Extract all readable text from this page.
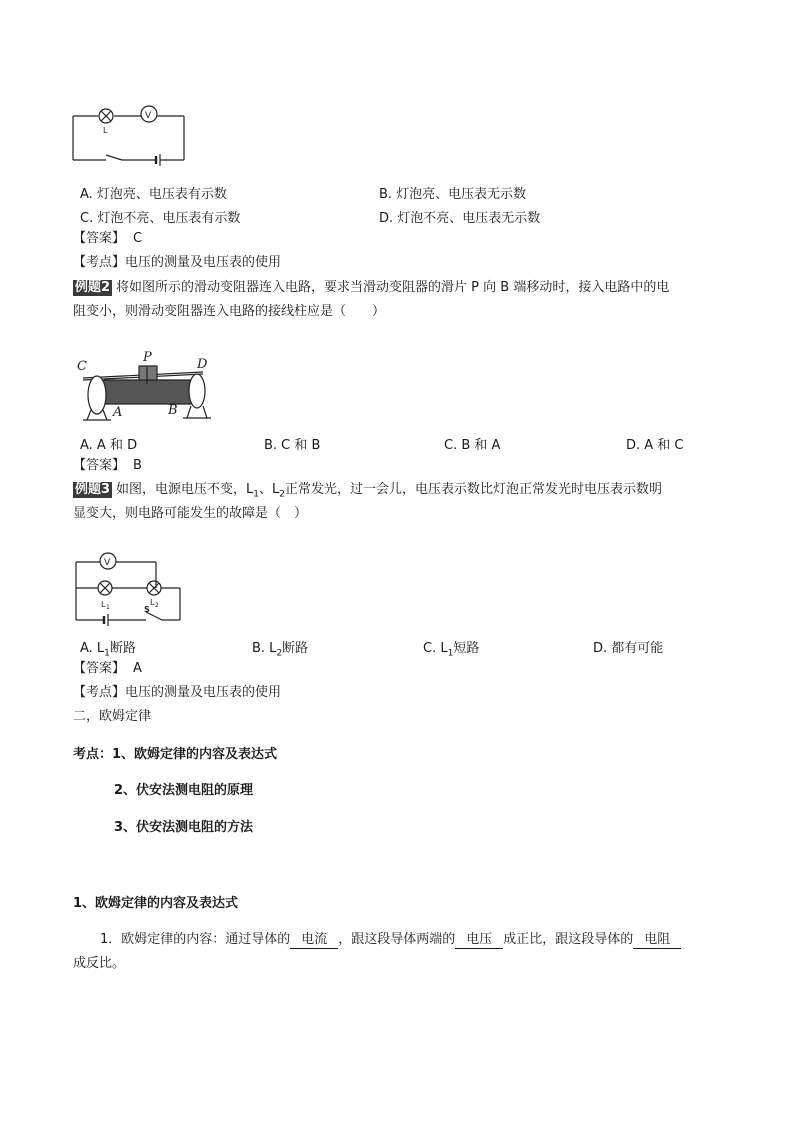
V
L
A. 灯泡亮、电压表有示数	B. 灯泡亮、电压表无示数
C. 灯泡不亮、电压表有示数	D. 灯泡不亮、电压表无示数
【答案】 C
【考点】电压的测量及电压表的使用
例题2 将如图所示的滑动变阻器连入电路，要求当滑动变阻器的滑片 P 向 B 端移动时，接入电路中的电
阻变小，则滑动变阻器连入电路的接线柱应是（　　）
C
P	D
A	B
A. A 和 D	B. C 和 B	C. B 和 A	D. A 和 C
【答案】 B
例题3 如图，电源电压不变，$L_1$、$L_2$正常发光，过一会儿，电压表示数比灯泡正常发光时电压表示数明
显变大，则电路可能发生的故障是（　）
V
L 1
L 2
S
A. $L_1$断路	B. $L_2$断路	C. $L_1$短路	D. 都有可能
【答案】 A
【考点】电压的测量及电压表的使用
二，欧姆定律
考点：1、欧姆定律的内容及表达式
2、伏安法测电阻的原理
3、伏安法测电阻的方法
1、欧姆定律的内容及表达式
1．欧姆定律的内容：通过导体的 电流 ，跟这段导体两端的 电压 成正比，跟这段导体的 电阻
成反比。
